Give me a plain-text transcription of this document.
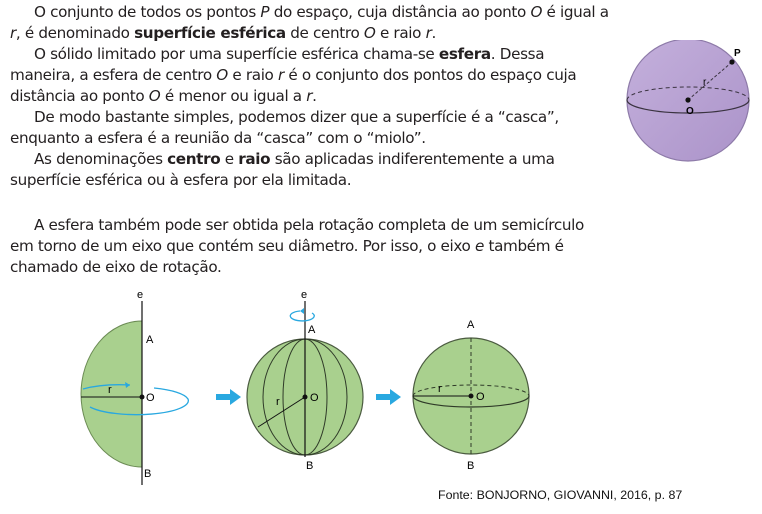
O conjunto de todos os pontos P do espaço, cuja distância ao ponto O é igual a r, é denominado superfície esférica de centro O e raio r.

O sólido limitado por uma superfície esférica chama-se esfera. Dessa maneira, a esfera de centro O e raio r é o conjunto dos pontos do espaço cuja distância ao ponto O é menor ou igual a r.

De modo bastante simples, podemos dizer que a superfície é a “casca”, enquanto a esfera é a reunião da “casca” com o “miolo”.

As denominações centro e raio são aplicadas indiferentemente a uma superfície esférica ou à esfera por ela limitada.

A esfera também pode ser obtida pela rotação completa de um semicírculo em torno de um eixo que contém seu diâmetro. Por isso, o eixo e também é chamado de eixo de rotação.

P
r
O
e
A
B
r
O
e
A
B
r	O
A
B
r
O
Fonte: BONJORNO, GIOVANNI, 2016, p. 87
